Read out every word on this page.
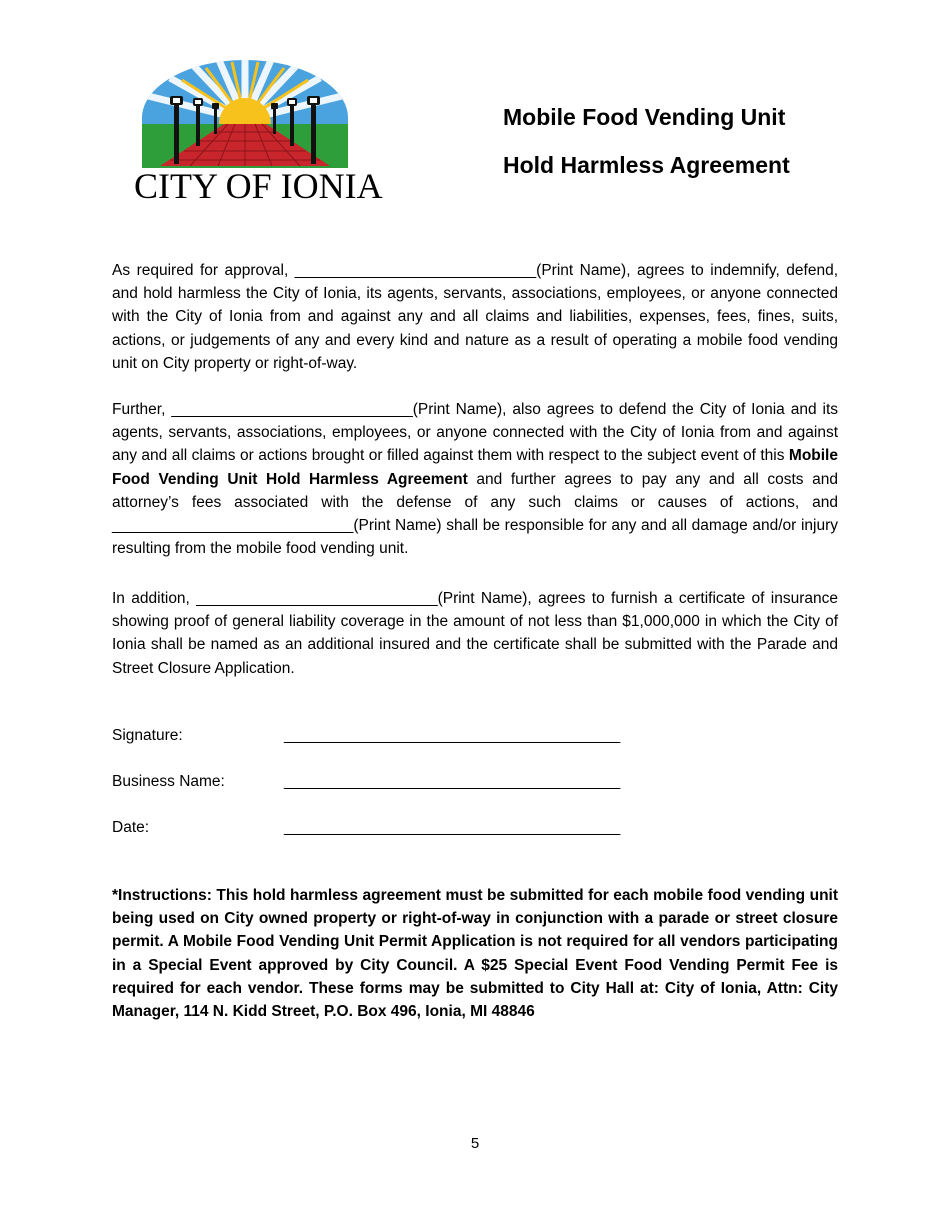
CITY OF IONIA
Mobile Food Vending Unit
Hold Harmless Agreement
As required for approval, ____________________________(Print Name), agrees to indemnify, defend, and hold harmless the City of Ionia, its agents, servants, associations, employees, or anyone connected with the City of Ionia from and against any and all claims and liabilities, expenses, fees, fines, suits, actions, or judgements of any and every kind and nature as a result of operating a mobile food vending unit on City property or right-of-way.
Further, ____________________________(Print Name), also agrees to defend the City of Ionia and its agents, servants, associations, employees, or anyone connected with the City of Ionia from and against any and all claims or actions brought or filled against them with respect to the subject event of this Mobile Food Vending Unit Hold Harmless Agreement and further agrees to pay any and all costs and attorney’s fees associated with the defense of any such claims or causes of actions, and ____________________________(Print Name) shall be responsible for any and all damage and/or injury resulting from the mobile food vending unit.
In addition, ____________________________(Print Name), agrees to furnish a certificate of insurance showing proof of general liability coverage in the amount of not less than $1,000,000 in which the City of Ionia shall be named as an additional insured and the certificate shall be submitted with the Parade and Street Closure Application.
Signature:	_______________________________________
Business Name:	_______________________________________
Date:	_______________________________________
*Instructions: This hold harmless agreement must be submitted for each mobile food vending unit being used on City owned property or right-of-way in conjunction with a parade or street closure permit. A Mobile Food Vending Unit Permit Application is not required for all vendors participating in a Special Event approved by City Council. A $25 Special Event Food Vending Permit Fee is required for each vendor. These forms may be submitted to City Hall at: City of Ionia, Attn: City Manager, 114 N. Kidd Street, P.O. Box 496, Ionia, MI 48846
5
